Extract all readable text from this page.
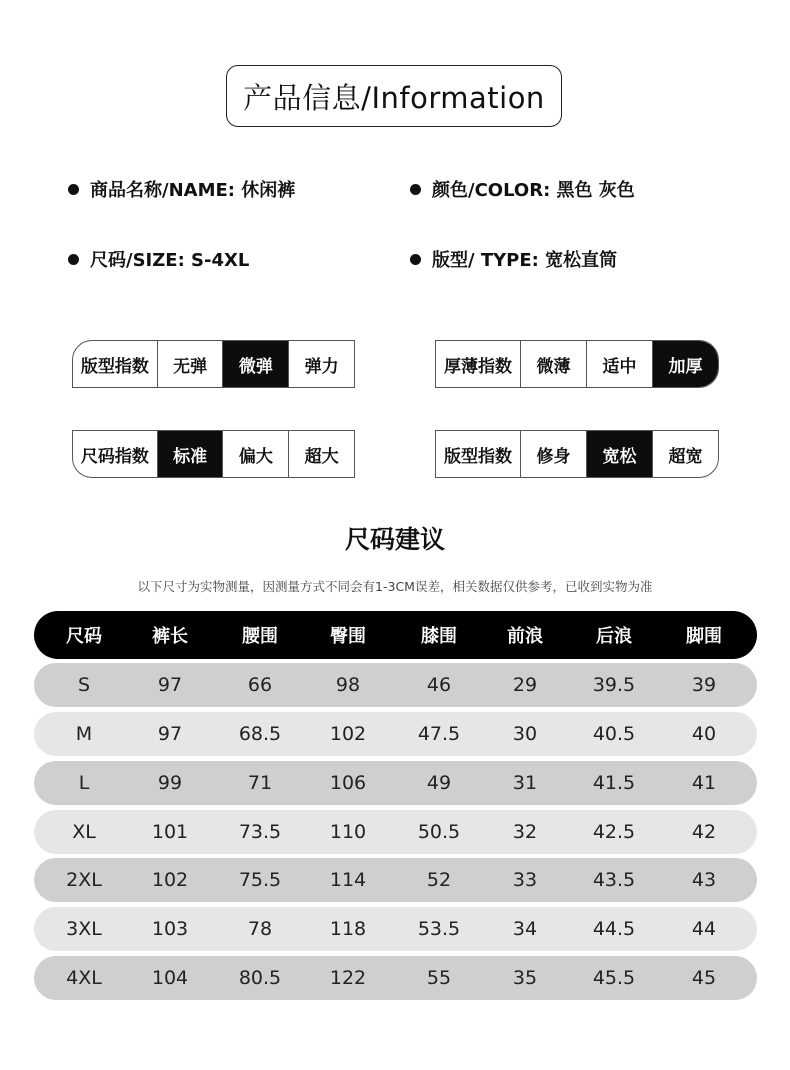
产品信息/Information
商品名称/NAME: 休闲裤	颜色/COLOR: 黑色 灰色
尺码/SIZE: S-4XL	版型/ TYPE: 宽松直筒
版型指数	无弹	微弹	弹力	厚薄指数	微薄	适中	加厚
尺码指数	标准	偏大	超大	版型指数	修身	宽松	超宽
尺码建议
以下尺寸为实物测量，因测量方式不同会有1-3CM误差，相关数据仅供参考，已收到实物为准
尺码	裤长	腰围	臀围	膝围	前浪	后浪	脚围
S	97	66	98	46	29	39.5	39
M	97	68.5	102	47.5	30	40.5	40
L	99	71	106	49	31	41.5	41
XL	101	73.5	110	50.5	32	42.5	42
2XL	102	75.5	114	52	33	43.5	43
3XL	103	78	118	53.5	34	44.5	44
4XL	104	80.5	122	55	35	45.5	45
